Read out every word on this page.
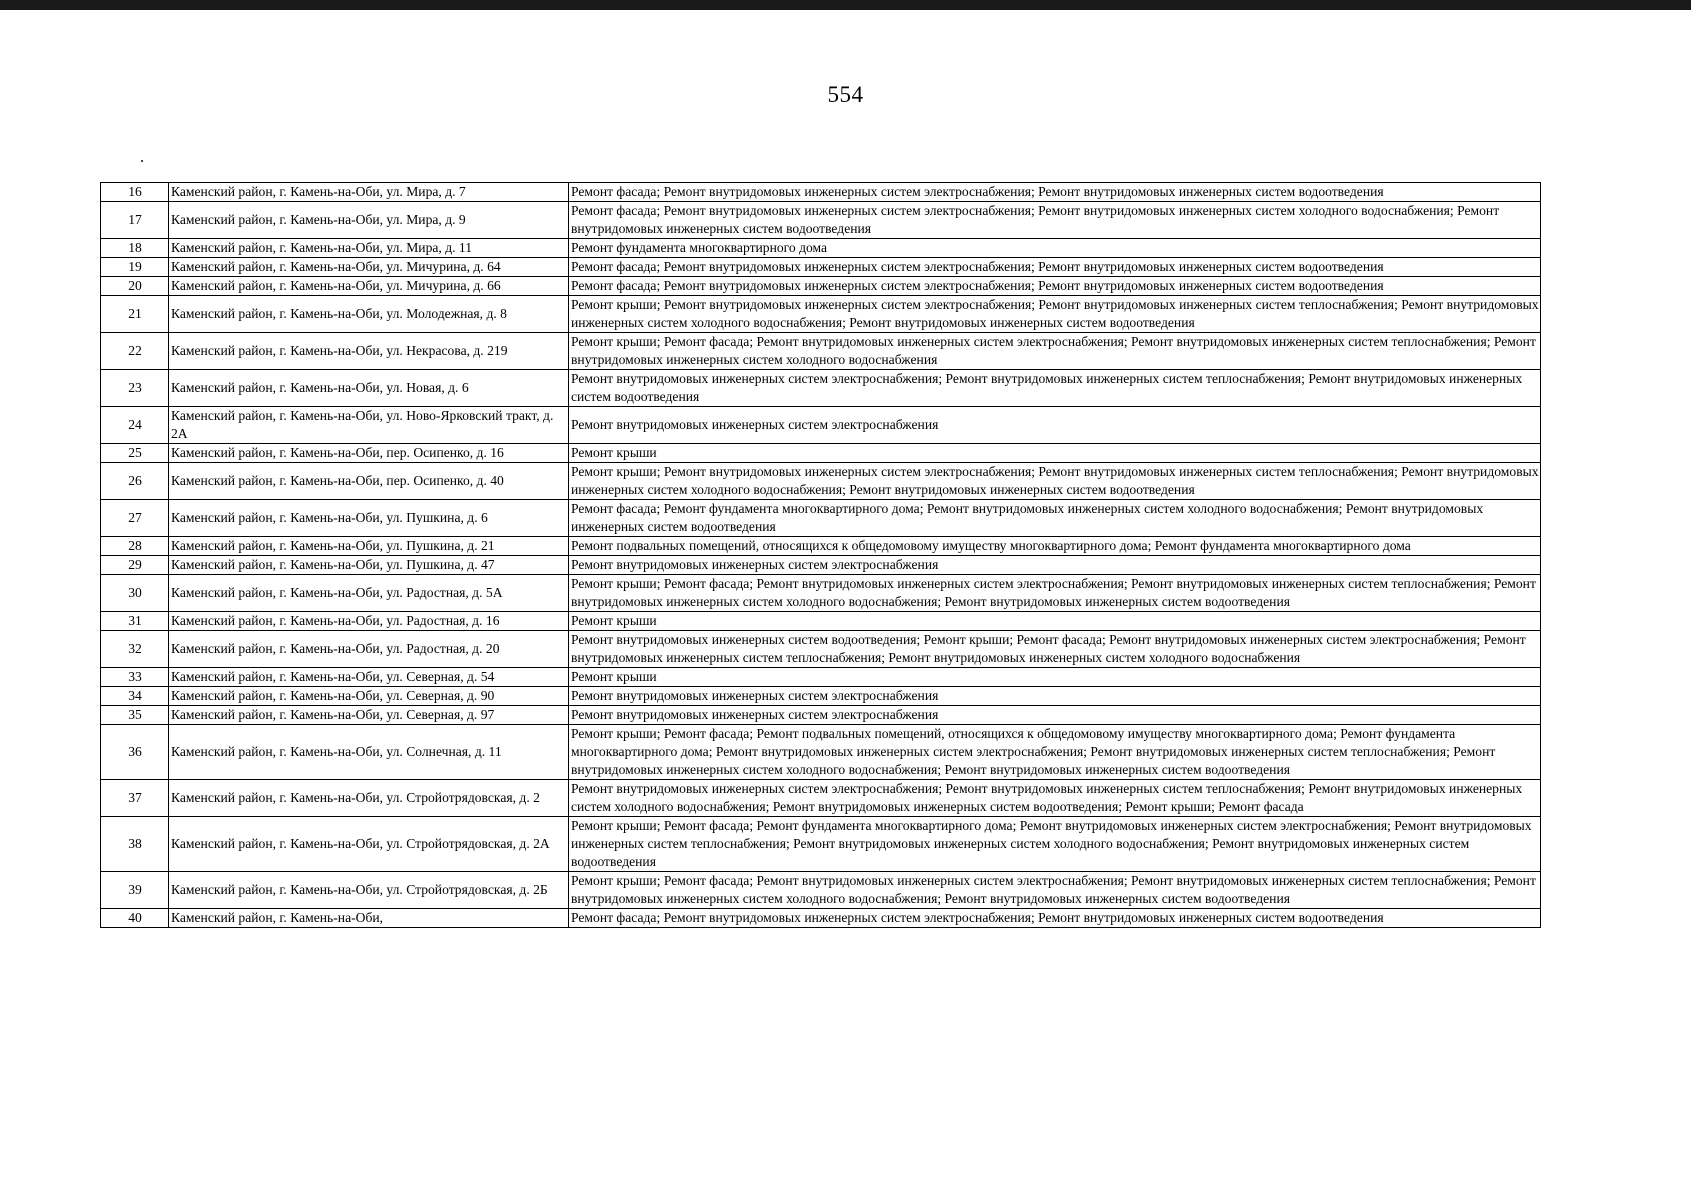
554
16	Каменский район, г. Камень-на-Оби, ул. Мира, д. 7	Ремонт фасада; Ремонт внутридомовых инженерных систем электроснабжения; Ремонт внутридомовых инженерных систем водоотведения
17	Каменский район, г. Камень-на-Оби, ул. Мира, д. 9	Ремонт фасада; Ремонт внутридомовых инженерных систем электроснабжения; Ремонт внутридомовых инженерных систем холодного водоснабжения; Ремонт внутридомовых инженерных систем водоотведения
18	Каменский район, г. Камень-на-Оби, ул. Мира, д. 11	Ремонт фундамента многоквартирного дома
19	Каменский район, г. Камень-на-Оби, ул. Мичурина, д. 64	Ремонт фасада; Ремонт внутридомовых инженерных систем электроснабжения; Ремонт внутридомовых инженерных систем водоотведения
20	Каменский район, г. Камень-на-Оби, ул. Мичурина, д. 66	Ремонт фасада; Ремонт внутридомовых инженерных систем электроснабжения; Ремонт внутридомовых инженерных систем водоотведения
21	Каменский район, г. Камень-на-Оби, ул. Молодежная, д. 8	Ремонт крыши; Ремонт внутридомовых инженерных систем электроснабжения; Ремонт внутридомовых инженерных систем теплоснабжения; Ремонт внутридомовых инженерных систем холодного водоснабжения; Ремонт внутридомовых инженерных систем водоотведения
22	Каменский район, г. Камень-на-Оби, ул. Некрасова, д. 219	Ремонт крыши; Ремонт фасада; Ремонт внутридомовых инженерных систем электроснабжения; Ремонт внутридомовых инженерных систем теплоснабжения; Ремонт внутридомовых инженерных систем холодного водоснабжения
23	Каменский район, г. Камень-на-Оби, ул. Новая, д. 6	Ремонт внутридомовых инженерных систем электроснабжения; Ремонт внутридомовых инженерных систем теплоснабжения; Ремонт внутридомовых инженерных систем водоотведения
24	Каменский район, г. Камень-на-Оби, ул. Ново-Ярковский тракт, д. 2А	Ремонт внутридомовых инженерных систем электроснабжения
25	Каменский район, г. Камень-на-Оби, пер. Осипенко, д. 16	Ремонт крыши
26	Каменский район, г. Камень-на-Оби, пер. Осипенко, д. 40	Ремонт крыши; Ремонт внутридомовых инженерных систем электроснабжения; Ремонт внутридомовых инженерных систем теплоснабжения; Ремонт внутридомовых инженерных систем холодного водоснабжения; Ремонт внутридомовых инженерных систем водоотведения
27	Каменский район, г. Камень-на-Оби, ул. Пушкина, д. 6	Ремонт фасада; Ремонт фундамента многоквартирного дома; Ремонт внутридомовых инженерных систем холодного водоснабжения; Ремонт внутридомовых инженерных систем водоотведения
28	Каменский район, г. Камень-на-Оби, ул. Пушкина, д. 21	Ремонт подвальных помещений, относящихся к общедомовому имуществу многоквартирного дома; Ремонт фундамента многоквартирного дома
29	Каменский район, г. Камень-на-Оби, ул. Пушкина, д. 47	Ремонт внутридомовых инженерных систем электроснабжения
30	Каменский район, г. Камень-на-Оби, ул. Радостная, д. 5А	Ремонт крыши; Ремонт фасада; Ремонт внутридомовых инженерных систем электроснабжения; Ремонт внутридомовых инженерных систем теплоснабжения; Ремонт внутридомовых инженерных систем холодного водоснабжения; Ремонт внутридомовых инженерных систем водоотведения
31	Каменский район, г. Камень-на-Оби, ул. Радостная, д. 16	Ремонт крыши
32	Каменский район, г. Камень-на-Оби, ул. Радостная, д. 20	Ремонт внутридомовых инженерных систем водоотведения; Ремонт крыши; Ремонт фасада; Ремонт внутридомовых инженерных систем электроснабжения; Ремонт внутридомовых инженерных систем теплоснабжения; Ремонт внутридомовых инженерных систем холодного водоснабжения
33	Каменский район, г. Камень-на-Оби, ул. Северная, д. 54	Ремонт крыши
34	Каменский район, г. Камень-на-Оби, ул. Северная, д. 90	Ремонт внутридомовых инженерных систем электроснабжения
35	Каменский район, г. Камень-на-Оби, ул. Северная, д. 97	Ремонт внутридомовых инженерных систем электроснабжения
36	Каменский район, г. Камень-на-Оби, ул. Солнечная, д. 11	Ремонт крыши; Ремонт фасада; Ремонт подвальных помещений, относящихся к общедомовому имуществу многоквартирного дома; Ремонт фундамента многоквартирного дома; Ремонт внутридомовых инженерных систем электроснабжения; Ремонт внутридомовых инженерных систем теплоснабжения; Ремонт внутридомовых инженерных систем холодного водоснабжения; Ремонт внутридомовых инженерных систем водоотведения
37	Каменский район, г. Камень-на-Оби, ул. Стройотрядовская, д. 2	Ремонт внутридомовых инженерных систем электроснабжения; Ремонт внутридомовых инженерных систем теплоснабжения; Ремонт внутридомовых инженерных систем холодного водоснабжения; Ремонт внутридомовых инженерных систем водоотведения; Ремонт крыши; Ремонт фасада
38	Каменский район, г. Камень-на-Оби, ул. Стройотрядовская, д. 2А	Ремонт крыши; Ремонт фасада; Ремонт фундамента многоквартирного дома; Ремонт внутридомовых инженерных систем электроснабжения; Ремонт внутридомовых инженерных систем теплоснабжения; Ремонт внутридомовых инженерных систем холодного водоснабжения; Ремонт внутридомовых инженерных систем водоотведения
39	Каменский район, г. Камень-на-Оби, ул. Стройотрядовская, д. 2Б	Ремонт крыши; Ремонт фасада; Ремонт внутридомовых инженерных систем электроснабжения; Ремонт внутридомовых инженерных систем теплоснабжения; Ремонт внутридомовых инженерных систем холодного водоснабжения; Ремонт внутридомовых инженерных систем водоотведения
40	Каменский район, г. Камень-на-Оби,	Ремонт фасада; Ремонт внутридомовых инженерных систем электроснабжения; Ремонт внутридомовых инженерных систем водоотведения
